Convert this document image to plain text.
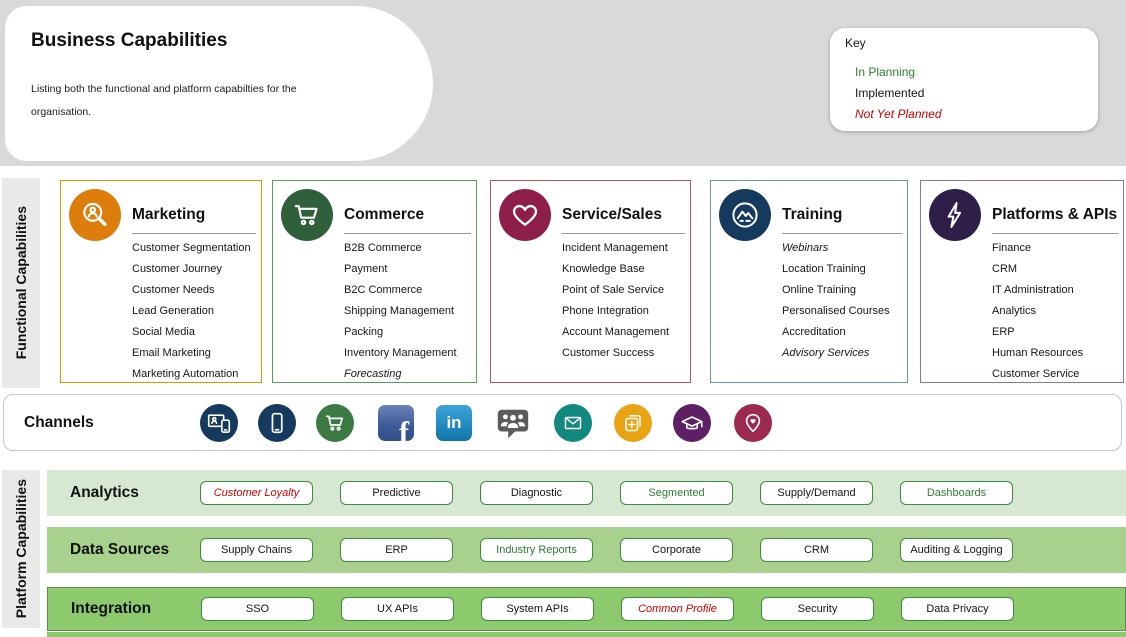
Business Capabilities
Listing both the functional and platform capabilties for the organisation.
Key
In Planning
Implemented
Not Yet Planned
Functional Capabilities
Platform Capabilities
Marketing
Customer Segmentation
Customer Journey
Customer Needs
Lead Generation
Social Media
Email Marketing
Marketing Automation
Commerce
B2B Commerce
Payment
B2C Commerce
Shipping Management
Packing
Inventory Management
Forecasting
Service/Sales
Incident Management
Knowledge Base
Point of Sale Service
Phone Integration
Account Management
Customer Success
Training
Webinars
Location Training
Online Training
Personalised Courses
Accreditation
Advisory Services
Platforms & APIs
Finance
CRM
IT Administration
Analytics
ERP
Human Resources
Customer Service
Channels	f in
Analytics	Customer Loyalty	Predictive	Diagnostic	Segmented	Supply/Demand	Dashboards
Data Sources	Supply Chains	ERP	Industry Reports	Corporate	CRM	Auditing & Logging
Integration	SSO	UX APIs	System APIs	Common Profile	Security	Data Privacy
